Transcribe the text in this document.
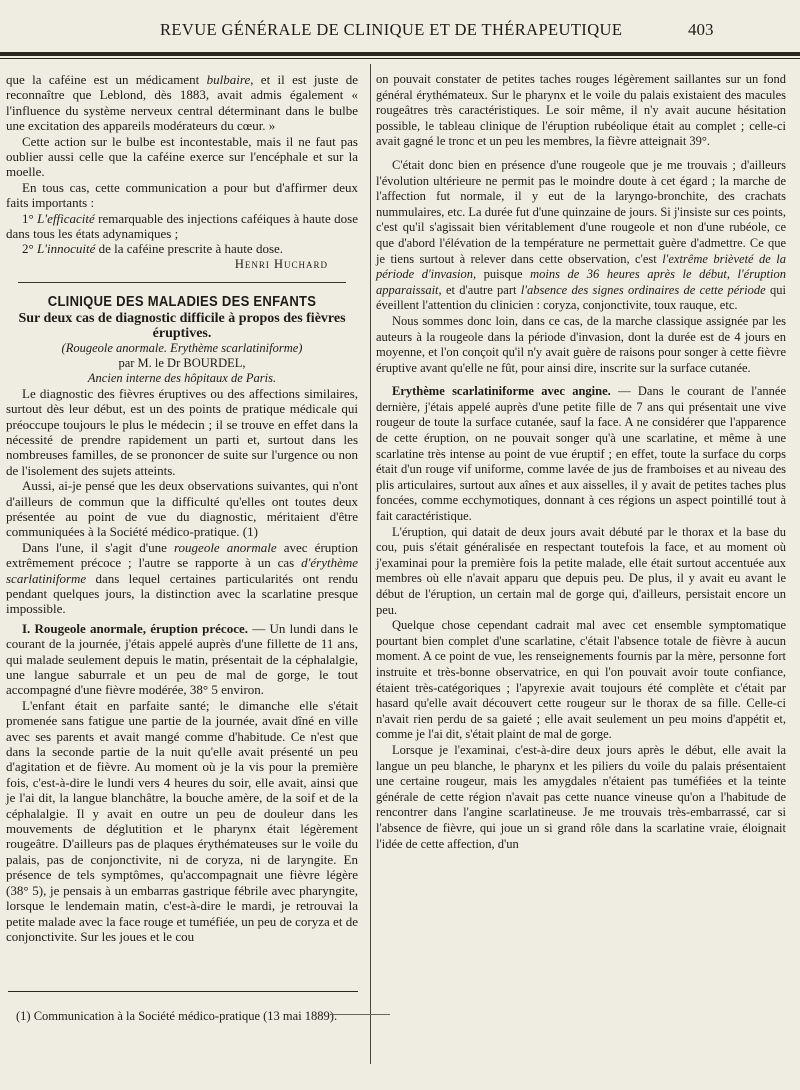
REVUE GÉNÉRALE DE CLINIQUE ET DE THÉRAPEUTIQUE	403

que la caféine est un médicament bulbaire, et il est juste de reconnaître que Leblond, dès 1883, avait admis également « l'influence du système nerveux central déterminant dans le bulbe une excitation des appareils modérateurs du cœur. »

Cette action sur le bulbe est incontestable, mais il ne faut pas oublier aussi celle que la caféine exerce sur l'encéphale et sur la moelle.

En tous cas, cette communication a pour but d'affirmer deux faits importants :

1° L'efficacité remarquable des injections caféiques à haute dose dans tous les états adynamiques ;

2° L'innocuité de la caféine prescrite à haute dose.

Henri Huchard

CLINIQUE DES MALADIES DES ENFANTS

Sur deux cas de diagnostic difficile à propos des fièvres éruptives.

(Rougeole anormale. Erythème scarlatiniforme)

par M. le Dr BOURDEL,

Ancien interne des hôpitaux de Paris.

Le diagnostic des fièvres éruptives ou des affections similaires, surtout dès leur début, est un des points de pratique médicale qui préoccupe toujours le plus le médecin ; il se trouve en effet dans la nécessité de prendre rapidement un parti et, surtout dans les nombreuses familles, de se prononcer de suite sur l'urgence ou non de l'isolement des sujets atteints.

Aussi, ai-je pensé que les deux observations suivantes, qui n'ont d'ailleurs de commun que la difficulté qu'elles ont toutes deux présentée au point de vue du diagnostic, méritaient d'être communiquées à la Société médico-pratique. (1)

Dans l'une, il s'agit d'une rougeole anormale avec éruption extrêmement précoce ; l'autre se rapporte à un cas d'érythème scarlatiniforme dans lequel certaines particularités ont rendu pendant quelques jours, la distinction avec la scarlatine presque impossible.

I. Rougeole anormale, éruption précoce. — Un lundi dans le courant de la journée, j'étais appelé auprès d'une fillette de 11 ans, qui malade seulement depuis le matin, présentait de la céphalalgie, une langue saburrale et un peu de mal de gorge, le tout accompagné d'une fièvre modérée, 38° 5 environ.

L'enfant était en parfaite santé; le dimanche elle s'était promenée sans fatigue une partie de la journée, avait dîné en ville avec ses parents et avait mangé comme d'habitude. Ce n'est que dans la seconde partie de la nuit qu'elle avait présenté un peu d'agitation et de fièvre. Au moment où je la vis pour la première fois, c'est-à-dire le lundi vers 4 heures du soir, elle avait, ainsi que je l'ai dit, la langue blanchâtre, la bouche amère, de la soif et de la céphalalgie. Il y avait en outre un peu de douleur dans les mouvements de déglutition et le pharynx était légèrement rougeâtre. D'ailleurs pas de plaques érythémateuses sur le voile du palais, pas de conjonctivite, ni de coryza, ni de laryngite. En présence de tels symptômes, qu'accompagnait une fièvre légère (38° 5), je pensais à un embarras gastrique fébrile avec pharyngite, lorsque le lendemain matin, c'est-à-dire le mardi, je retrouvai la petite malade avec la face rouge et tuméfiée, un peu de coryza et de conjonctivite. Sur les joues et le cou

(1) Communication à la Société médico-pratique (13 mai 1889).

on pouvait constater de petites taches rouges légèrement saillantes sur un fond général érythémateux. Sur le pharynx et le voile du palais existaient des macules rougeâtres très caractéristiques. Le soir même, il n'y avait aucune hésitation possible, le tableau clinique de l'éruption rubéolique était au complet ; celle-ci avait gagné le tronc et un peu les membres, la fièvre atteignait 39°.

C'était donc bien en présence d'une rougeole que je me trouvais ; d'ailleurs l'évolution ultérieure ne permit pas le moindre doute à cet égard ; la marche de l'affection fut normale, il y eut de la laryngo-bronchite, des crachats nummulaires, etc. La durée fut d'une quinzaine de jours. Si j'insiste sur ces points, c'est qu'il s'agissait bien véritablement d'une rougeole et non d'une rubéole, ce que d'abord l'élévation de la température ne permettait guère d'admettre. Ce que je tiens surtout à relever dans cette observation, c'est l'extrême brièveté de la période d'invasion, puisque moins de 36 heures après le début, l'éruption apparaissait, et d'autre part l'absence des signes ordinaires de cette période qui éveillent l'attention du clinicien : coryza, conjonctivite, toux rauque, etc.

Nous sommes donc loin, dans ce cas, de la marche classique assignée par les auteurs à la rougeole dans la période d'invasion, dont la durée est de 4 jours en moyenne, et l'on conçoit qu'il n'y avait guère de raisons pour songer à cette fièvre éruptive avant qu'elle ne fût, pour ainsi dire, inscrite sur la surface cutanée.

Erythème scarlatiniforme avec angine. — Dans le courant de l'année dernière, j'étais appelé auprès d'une petite fille de 7 ans qui présentait une vive rougeur de toute la surface cutanée, sauf la face. A ne considérer que l'apparence de cette éruption, on ne pouvait songer qu'à une scarlatine, et même à une scarlatine très intense au point de vue éruptif ; en effet, toute la surface du corps était d'un rouge vif uniforme, comme lavée de jus de framboises et au niveau des plis articulaires, surtout aux aînes et aux aisselles, il y avait de petites taches plus foncées, comme ecchymotiques, donnant à ces régions un aspect pointillé tout à fait caractéristique.

L'éruption, qui datait de deux jours avait débuté par le thorax et la base du cou, puis s'était généralisée en respectant toutefois la face, et au moment où j'examinai pour la première fois la petite malade, elle était surtout accentuée aux membres où elle n'avait apparu que depuis peu. De plus, il y avait eu avant le début de l'éruption, un certain mal de gorge qui, d'ailleurs, persistait encore un peu.

Quelque chose cependant cadrait mal avec cet ensemble symptomatique pourtant bien complet d'une scarlatine, c'était l'absence totale de fièvre à aucun moment. A ce point de vue, les renseignements fournis par la mère, personne fort instruite et très-bonne observatrice, en qui l'on pouvait avoir toute confiance, étaient très-catégoriques ; l'apyrexie avait toujours été complète et c'était par hasard qu'elle avait découvert cette rougeur sur le thorax de sa fille. Celle-ci n'avait rien perdu de sa gaieté ; elle avait seulement un peu moins d'appétit et, comme je l'ai dit, s'était plaint de mal de gorge.

Lorsque je l'examinai, c'est-à-dire deux jours après le début, elle avait la langue un peu blanche, le pharynx et les piliers du voile du palais présentaient une certaine rougeur, mais les amygdales n'étaient pas tuméfiées et la teinte générale de cette région n'avait pas cette nuance vineuse qu'on a l'habitude de rencontrer dans l'angine scarlatineuse. Je me trouvais très-embarrassé, car si l'absence de fièvre, qui joue un si grand rôle dans la scarlatine vraie, éloignait l'idée de cette affection, d'un
